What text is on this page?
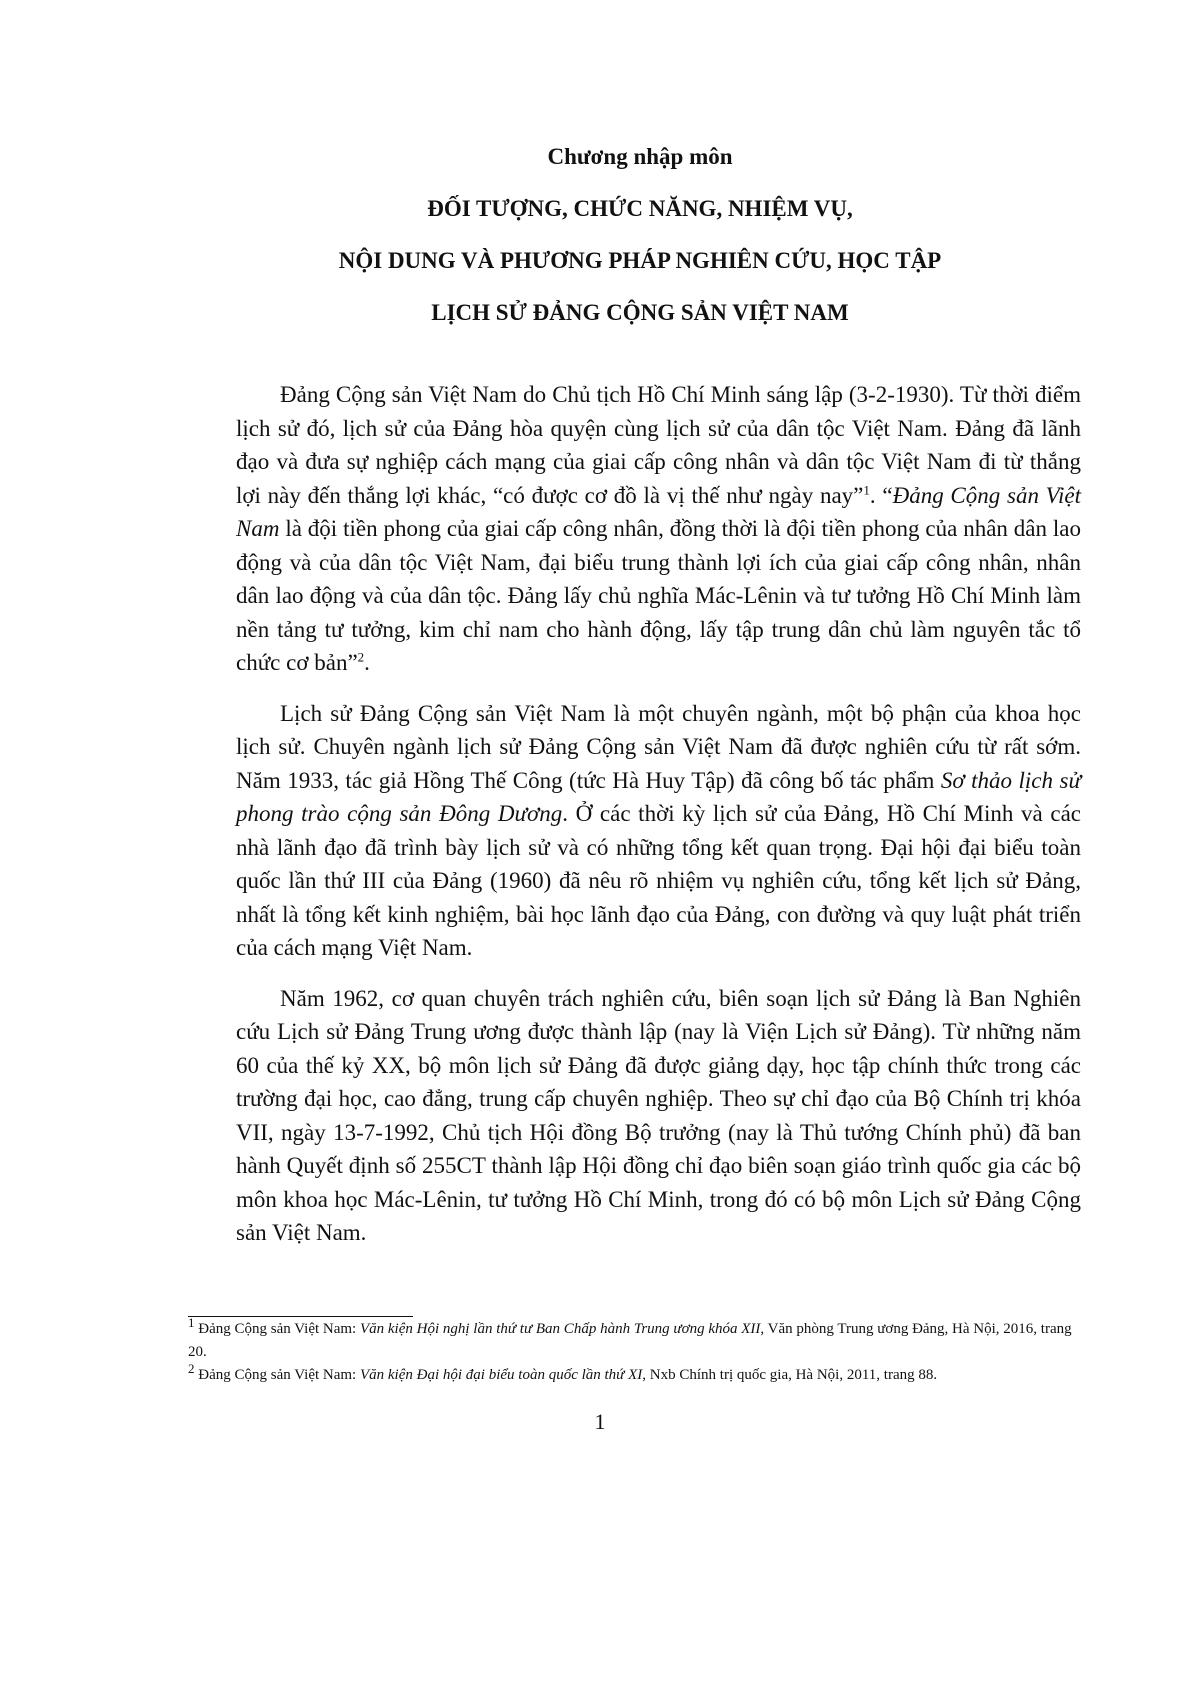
Chương nhập môn
ĐỐI TƯỢNG, CHỨC NĂNG, NHIỆM VỤ,
NỘI DUNG VÀ PHƯƠNG PHÁP NGHIÊN CỨU, HỌC TẬP
LỊCH SỬ ĐẢNG CỘNG SẢN VIỆT NAM

Đảng Cộng sản Việt Nam do Chủ tịch Hồ Chí Minh sáng lập (3-2-1930). Từ thời điểm lịch sử đó, lịch sử của Đảng hòa quyện cùng lịch sử của dân tộc Việt Nam. Đảng đã lãnh đạo và đưa sự nghiệp cách mạng của giai cấp công nhân và dân tộc Việt Nam đi từ thắng lợi này đến thắng lợi khác, “có được cơ đồ là vị thế như ngày nay”$^1$. “Đảng Cộng sản Việt Nam là đội tiền phong của giai cấp công nhân, đồng thời là đội tiền phong của nhân dân lao động và của dân tộc Việt Nam, đại biểu trung thành lợi ích của giai cấp công nhân, nhân dân lao động và của dân tộc. Đảng lấy chủ nghĩa Mác-Lênin và tư tưởng Hồ Chí Minh làm nền tảng tư tưởng, kim chỉ nam cho hành động, lấy tập trung dân chủ làm nguyên tắc tổ chức cơ bản”$^2$.

Lịch sử Đảng Cộng sản Việt Nam là một chuyên ngành, một bộ phận của khoa học lịch sử. Chuyên ngành lịch sử Đảng Cộng sản Việt Nam đã được nghiên cứu từ rất sớm. Năm 1933, tác giả Hồng Thế Công (tức Hà Huy Tập) đã công bố tác phẩm Sơ thảo lịch sử phong trào cộng sản Đông Dương. Ở các thời kỳ lịch sử của Đảng, Hồ Chí Minh và các nhà lãnh đạo đã trình bày lịch sử và có những tổng kết quan trọng. Đại hội đại biểu toàn quốc lần thứ III của Đảng (1960) đã nêu rõ nhiệm vụ nghiên cứu, tổng kết lịch sử Đảng, nhất là tổng kết kinh nghiệm, bài học lãnh đạo của Đảng, con đường và quy luật phát triển của cách mạng Việt Nam.

Năm 1962, cơ quan chuyên trách nghiên cứu, biên soạn lịch sử Đảng là Ban Nghiên cứu Lịch sử Đảng Trung ương được thành lập (nay là Viện Lịch sử Đảng). Từ những năm 60 của thế kỷ XX, bộ môn lịch sử Đảng đã được giảng dạy, học tập chính thức trong các trường đại học, cao đẳng, trung cấp chuyên nghiệp. Theo sự chỉ đạo của Bộ Chính trị khóa VII, ngày 13-7-1992, Chủ tịch Hội đồng Bộ trưởng (nay là Thủ tướng Chính phủ) đã ban hành Quyết định số 255CT thành lập Hội đồng chỉ đạo biên soạn giáo trình quốc gia các bộ môn khoa học Mác-Lênin, tư tưởng Hồ Chí Minh, trong đó có bộ môn Lịch sử Đảng Cộng sản Việt Nam.

$^1$ Đảng Cộng sản Việt Nam: Văn kiện Hội nghị lần thứ tư Ban Chấp hành Trung ương khóa XII, Văn phòng Trung ương Đảng, Hà Nội, 2016, trang 20.

$^2$ Đảng Cộng sản Việt Nam: Văn kiện Đại hội đại biểu toàn quốc lần thứ XI, Nxb Chính trị quốc gia, Hà Nội, 2011, trang 88.

1
